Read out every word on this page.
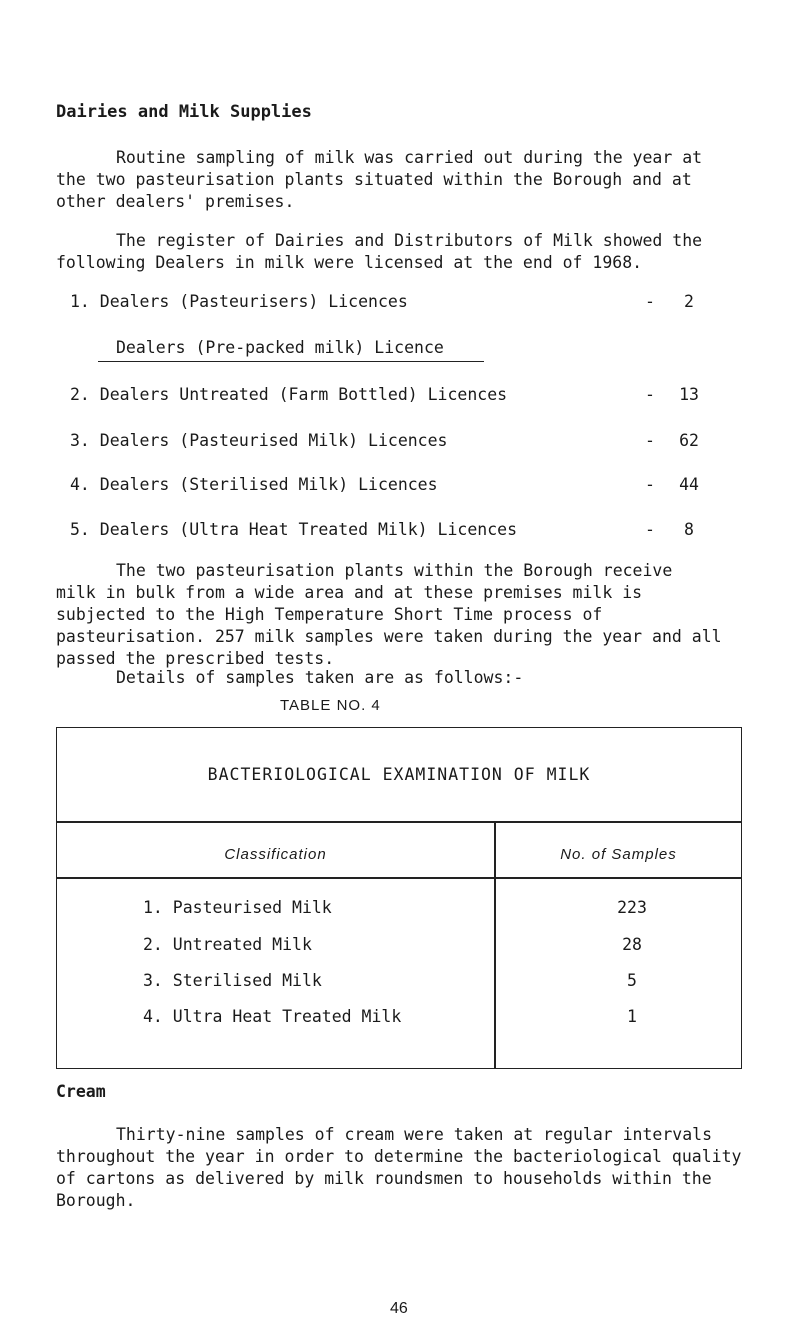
Dairies and Milk Supplies

Routine sampling of milk was carried out during the year at
the two pasteurisation plants situated within the Borough and at
other dealers' premises.

The register of Dairies and Distributors of Milk showed the
following Dealers in milk were licensed at the end of 1968.

1. Dealers (Pasteurisers) Licences	-	2
Dealers (Pre-packed milk) Licence
2. Dealers Untreated (Farm Bottled) Licences	-	13
3. Dealers (Pasteurised Milk) Licences	-	62
4. Dealers (Sterilised Milk) Licences	-	44
5. Dealers (Ultra Heat Treated Milk) Licences	-	8

The two pasteurisation plants within the Borough receive
milk in bulk from a wide area and at these premises milk is
subjected to the High Temperature Short Time process of
pasteurisation. 257 milk samples were taken during the year and all
passed the prescribed tests.

Details of samples taken are as follows:-

TABLE NO. 4
BACTERIOLOGICAL EXAMINATION OF MILK
Classification	No. of Samples
1. Pasteurised Milk	223
2. Untreated Milk	28
3. Sterilised Milk	5
4. Ultra Heat Treated Milk	1
Cream

Thirty-nine samples of cream were taken at regular intervals
throughout the year in order to determine the bacteriological quality
of cartons as delivered by milk roundsmen to households within the
Borough.

46
